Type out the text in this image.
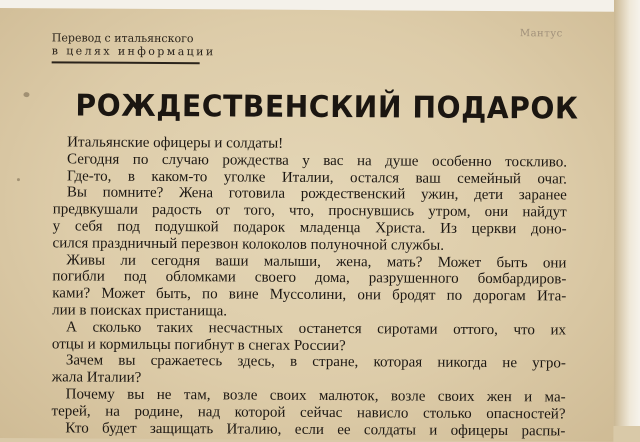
Мантус
Перевод с итальянского
в целях информации
РОЖДЕСТВЕНСКИЙ ПОДАРОК
Итальянские офицеры и солдаты!
Сегодня по случаю рождества у вас на душе особенно тоскливо.
Где-то, в каком-то уголке Италии, остался ваш семейный очаг.
Вы помните? Жена готовила рождественский ужин, дети заранее
предвкушали радость от того, что, проснувшись утром, они найдут
у себя под подушкой подарок младенца Христа. Из церкви доно-
сился праздничный перезвон колоколов полуночной службы.
Живы ли сегодня ваши малыши, жена, мать? Может быть они
погибли под обломками своего дома, разрушенного бомбардиров-
ками? Может быть, по вине Муссолини, они бродят по дорогам Ита-
лии в поисках пристанища.
А сколько таких несчастных останется сиротами оттого, что их
отцы и кормильцы погибнут в снегах России?
Зачем вы сражаетесь здесь, в стране, которая никогда не угро-
жала Италии?
Почему вы не там, возле своих малюток, возле своих жен и ма-
терей, на родине, над которой сейчас нависло столько опасностей?
Кто будет защищать Италию, если ее солдаты и офицеры распы-
